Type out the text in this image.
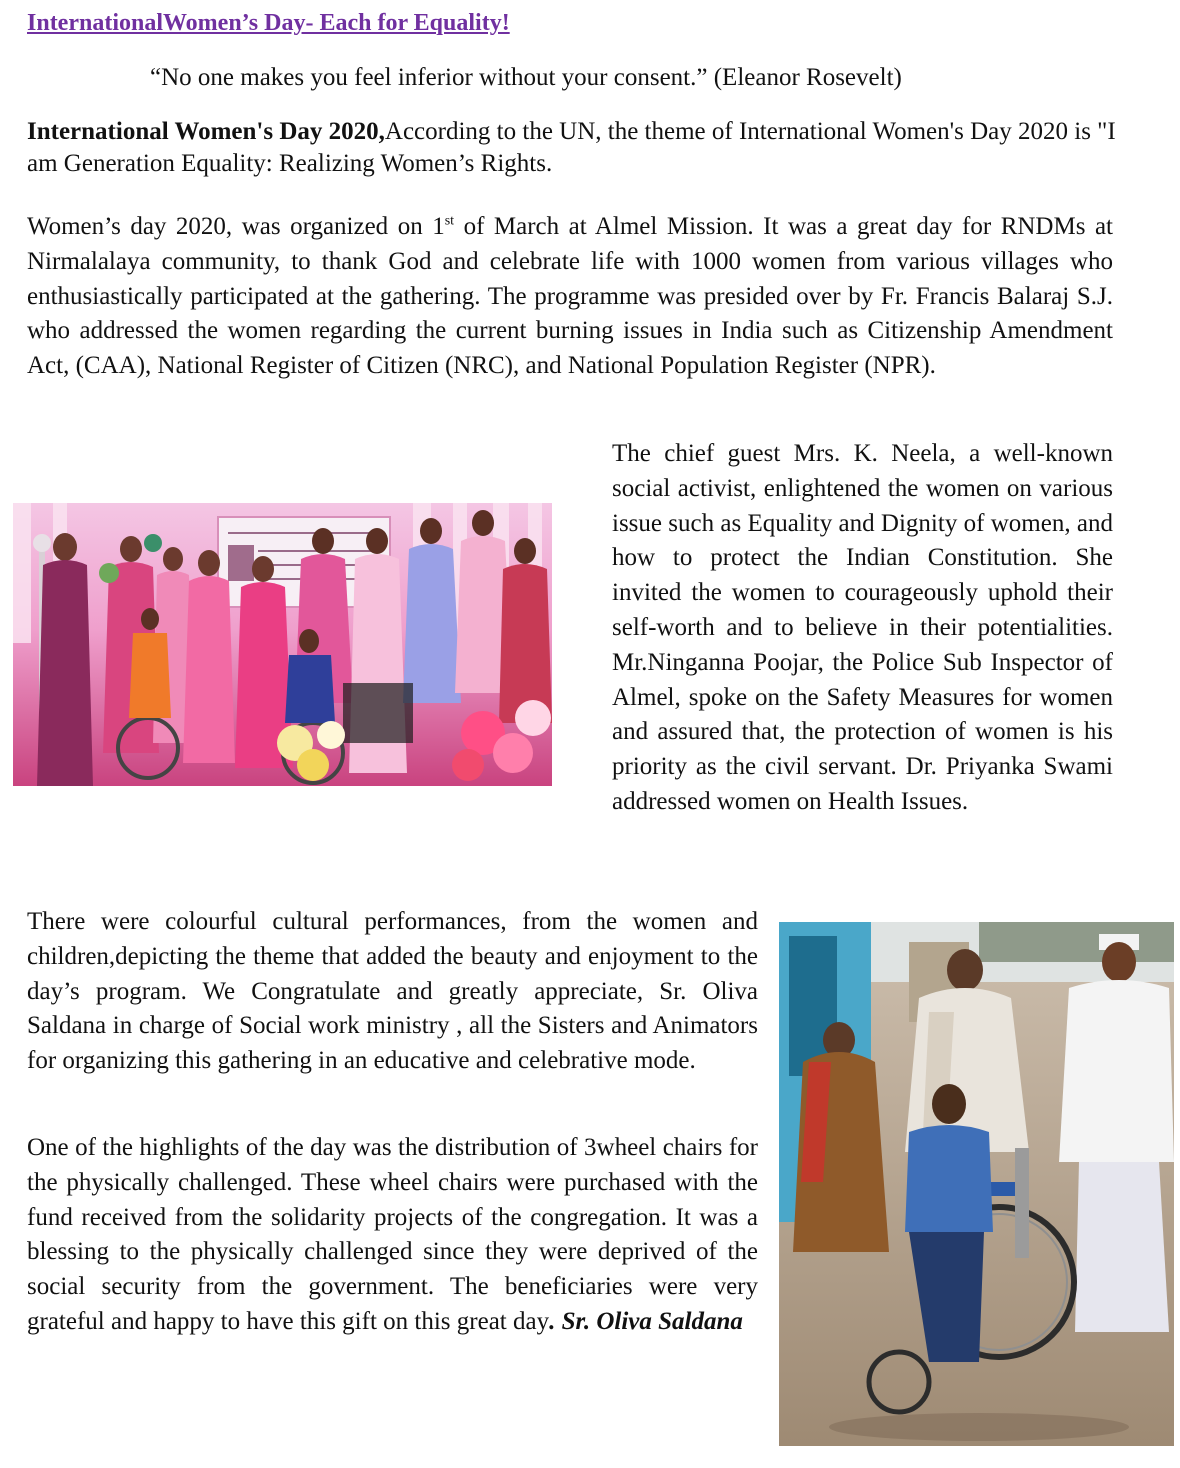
InternationalWomen’s Day- Each for Equality!
“No one makes you feel inferior without your consent.” (Eleanor Rosevelt)
International Women's Day 2020,According to the UN, the theme of International Women's Day 2020 is "I am Generation Equality: Realizing Women’s Rights.
Women’s day 2020, was organized on 1st of March at Almel Mission. It was a great day for RNDMs at Nirmalalaya community, to thank God and celebrate life with 1000 women from various villages who enthusiastically participated at the gathering. The programme was presided over by Fr. Francis Balaraj S.J. who addressed the women regarding the current burning issues in India such as Citizenship Amendment Act, (CAA), National Register of Citizen (NRC), and National Population Register (NPR).
The chief guest Mrs. K. Neela, a well-known social activist, enlightened the women on various issue such as Equality and Dignity of women, and how to protect the Indian Constitution. She invited the women to courageously uphold their self-worth and to believe in their potentialities. Mr.Ninganna Poojar, the Police Sub Inspector of Almel, spoke on the Safety Measures for women and assured that, the protection of women is his priority as the civil servant. Dr. Priyanka Swami addressed women on Health Issues.
There were colourful cultural performances, from the women and children,depicting the theme that added the beauty and enjoyment to the day’s program. We Congratulate and greatly appreciate, Sr. Oliva Saldana in charge of Social work ministry , all the Sisters and Animators for organizing this gathering in an educative and celebrative mode.
One of the highlights of the day was the distribution of 3wheel chairs for the physically challenged. These wheel chairs were purchased with the fund received from the solidarity projects of the congregation. It was a blessing to the physically challenged since they were deprived of the social security from the government. The beneficiaries were very grateful and happy to have this gift on this great day. Sr. Oliva Saldana
